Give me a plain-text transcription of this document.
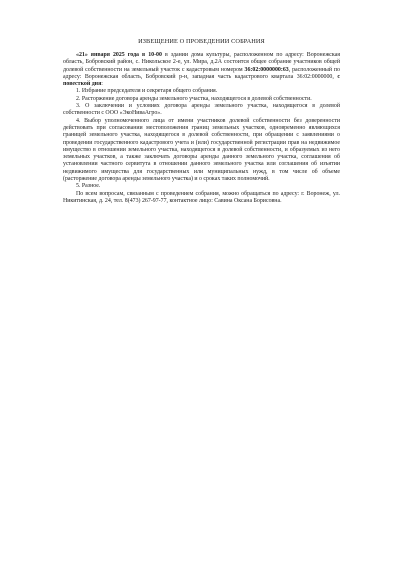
ИЗВЕЩЕНИЕ О ПРОВЕДЕНИИ СОБРАНИЯ

«21» января 2025 года в 10-00 в здании дома культуры, расположенном по адресу: Воронежская область, Бобровский район, с. Никольское 2-е, ул. Мира, д.2А состоится общее собрание участников общей долевой собственности на земельный участок с кадастровым номером 36:02:0000000:63, расположенный по адресу: Воронежская область, Бобровский р-н, западная часть кадастрового квартала 36:02:0000000, с повесткой дня:

1. Избрание председателя и секретаря общего собрания.
2. Расторжение договора аренды земельного участка, находящегося в долевой собственности.
3. О заключении и условиях договора аренды земельного участка, находящегося в долевой собственности с ООО «ЭкоНиваАгро».
4. Выбор уполномоченного лица от имени участников долевой собственности без доверенности действовать при согласовании местоположения границ земельных участков, одновременно являющихся границей земельного участка, находящегося в долевой собственности, при обращении с заявлениями о проведении государственного кадастрового учета и (или) государственной регистрации прав на недвижимое имущество в отношении земельного участка, находящегося в долевой собственности, и образуемых из него земельных участков, а также заключать договоры аренды данного земельного участка, соглашения об установлении частного сервитута в отношении данного земельного участка или соглашения об изъятии недвижимого имущества для государственных или муниципальных нужд, в том числе об объеме (расторжение договора аренды земельного участка) и о сроках таких полномочий.
5. Разное.

По всем вопросам, связанным с проведением собрания, можно обращаться по адресу: г. Воронеж, ул. Никитинская, д. 24, тел. 8(473) 267-97-77, контактное лицо: Савина Оксана Борисовна.
